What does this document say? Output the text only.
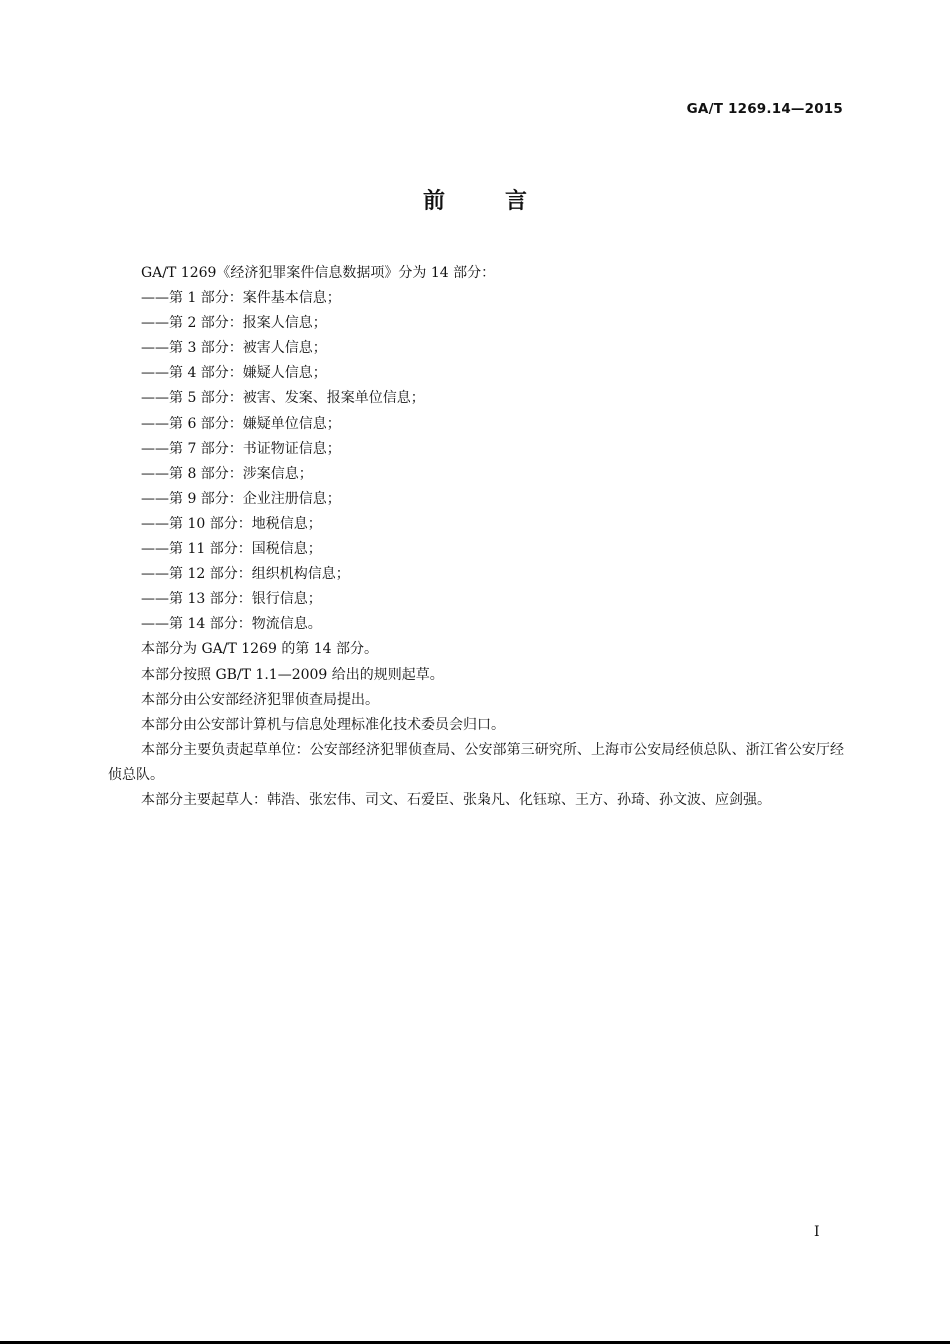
GA/T 1269.14—2015
前言

GA/T 1269《经济犯罪案件信息数据项》分为 14 部分：

——第 1 部分：案件基本信息；

——第 2 部分：报案人信息；

——第 3 部分：被害人信息；

——第 4 部分：嫌疑人信息；

——第 5 部分：被害、发案、报案单位信息；

——第 6 部分：嫌疑单位信息；

——第 7 部分：书证物证信息；

——第 8 部分：涉案信息；

——第 9 部分：企业注册信息；

——第 10 部分：地税信息；

——第 11 部分：国税信息；

——第 12 部分：组织机构信息；

——第 13 部分：银行信息；

——第 14 部分：物流信息。

本部分为 GA/T 1269 的第 14 部分。

本部分按照 GB/T 1.1—2009 给出的规则起草。

本部分由公安部经济犯罪侦查局提出。

本部分由公安部计算机与信息处理标准化技术委员会归口。

本部分主要负责起草单位：公安部经济犯罪侦查局、公安部第三研究所、上海市公安局经侦总队、浙江省公安厅经侦总队。

本部分主要起草人：韩浩、张宏伟、司文、石爱臣、张枭凡、化钰琼、王方、孙琦、孙文波、应剑强。

I
